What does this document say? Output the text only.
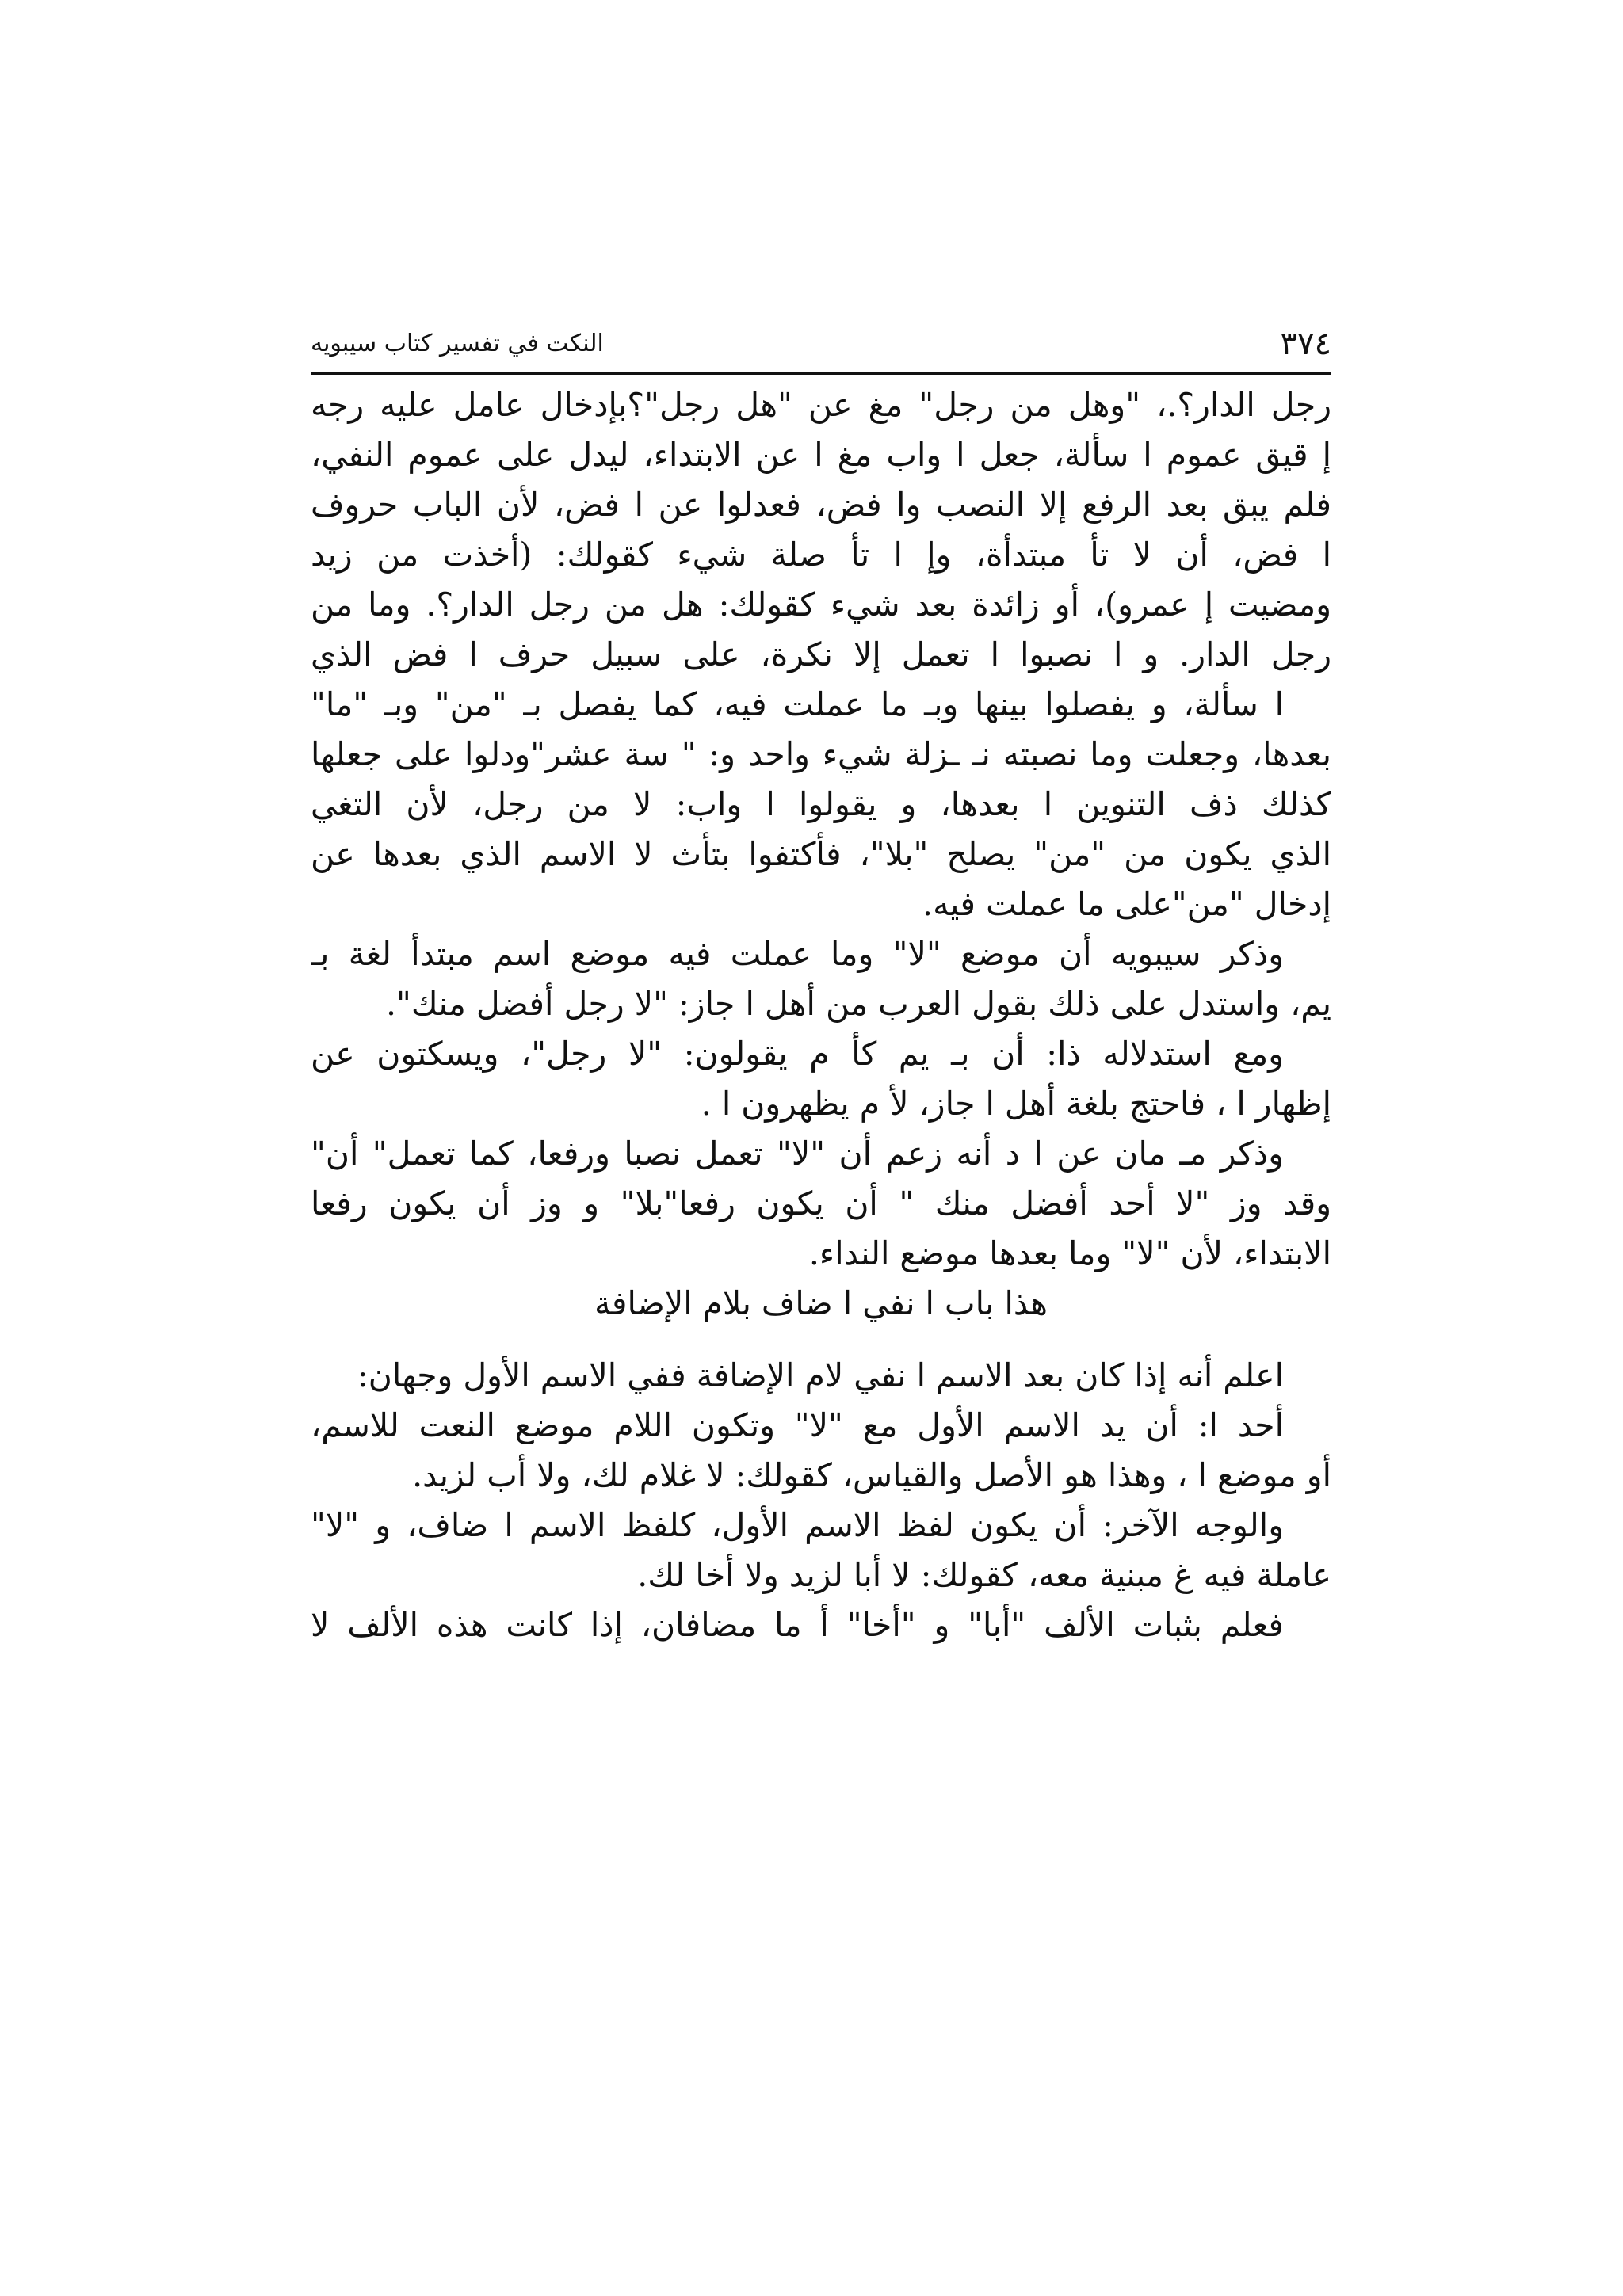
٣٧٤
النكت في تفسير كتاب سيبويه

رجل الدار؟.، "وهل من رجل" مغ عن "هل رجل"؟بإدخال عامل عليه رجه
إ قيق عموم ا سألة، جعل ا واب مغ ا عن الابتداء، ليدل على عموم النفي،
فلم يبق بعد الرفع إلا النصب وا فض، فعدلوا عن ا فض، لأن الباب حروف
ا فض، أن لا تأ مبتدأة، وإ ا تأ صلة شيء كقولك: (أخذت من زيد
ومضيت إ عمرو)، أو زائدة بعد شيء كقولك: هل من رجل الدار؟. وما من
رجل الدار. و ا نصبوا ا تعمل إلا نكرة، على سبيل حرف ا فض الذي
ا سألة، و يفصلوا بينها وبـ ما عملت فيه، كما يفصل بـ "من" وبـ "ما"
بعدها، وجعلت وما نصبته نـ ـزلة شيء واحد و: " سة عشر"ودلوا على جعلها
كذلك ذف التنوين ا بعدها، و يقولوا ا واب: لا من رجل، لأن التغي
الذي يكون من "من" يصلح "بلا"، فأكتفوا بتأث لا الاسم الذي بعدها عن
إدخال "من"على ما عملت فيه.

وذكر سيبويه أن موضع "لا" وما عملت فيه موضع اسم مبتدأ لغة بـ
يم، واستدل على ذلك بقول العرب من أهل ا جاز: "لا رجل أفضل منك".

ومع استدلاله ذا: أن بـ يم كأ م يقولون: "لا رجل"، ويسكتون عن
إظهار ا ، فاحتج بلغة أهل ا جاز، لأ م يظهرون ا .

وذكر مـ مان عن ا د أنه زعم أن "لا" تعمل نصبا ورفعا، كما تعمل" أن"
وقد وز "لا أحد أفضل منك " أن يكون رفعا"بلا" و وز أن يكون رفعا
الابتداء، لأن "لا" وما بعدها موضع النداء.

هذا باب ا نفي ا ضاف بلام الإضافة

اعلم أنه إذا كان بعد الاسم ا نفي لام الإضافة ففي الاسم الأول وجهان:

أحد ا: أن يد الاسم الأول مع "لا" وتكون اللام موضع النعت للاسم،
أو موضع ا ، وهذا هو الأصل والقياس، كقولك: لا غلام لك، ولا أب لزيد.

والوجه الآخر: أن يكون لفظ الاسم الأول، كلفظ الاسم ا ضاف، و "لا"
عاملة فيه غ مبنية معه، كقولك: لا أبا لزيد ولا أخا لك.

فعلم بثبات الألف "أبا" و "أخا" أ ما مضافان، إذا كانت هذه الألف لا
